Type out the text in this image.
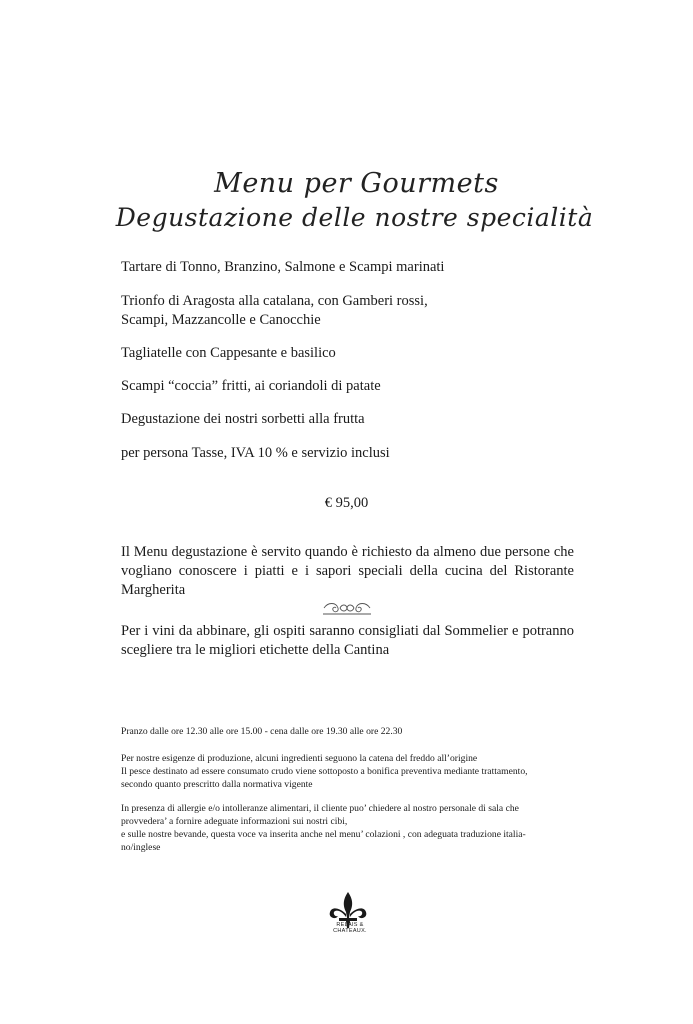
Menu per Gourmets
Degustazione delle nostre specialità
Tartare di Tonno, Branzino, Salmone e Scampi marinati
Trionfo di Aragosta alla catalana, con Gamberi rossi,
Scampi, Mazzancolle e Canocchie
Tagliatelle con Cappesante e basilico
Scampi “coccia” fritti, ai coriandoli di patate
Degustazione dei nostri sorbetti alla frutta
per persona Tasse, IVA 10 % e servizio inclusi
€ 95,00
Il Menu degustazione è servito quando è richiesto da almeno due persone che vogliano conoscere i piatti e i sapori speciali della cucina del Ristorante Margherita
Per i vini da abbinare, gli ospiti saranno consigliati dal Sommelier e potranno scegliere tra le migliori etichette della Cantina
Pranzo dalle ore 12.30 alle ore 15.00 - cena dalle ore 19.30 alle ore 22.30
Per nostre esigenze di produzione, alcuni ingredienti seguono la catena del freddo all’origine
Il pesce destinato ad essere consumato crudo viene sottoposto a bonifica preventiva mediante trattamento,
secondo quanto prescritto dalla normativa vigente
In presenza di allergie e/o intolleranze alimentari, il cliente puo’ chiedere al nostro personale di sala che
provvedera’ a fornire adeguate informazioni sui nostri cibi,
e sulle nostre bevande, questa voce va inserita anche nel menu’ colazioni , con adeguata traduzione italia-
no/inglese
RELAIS &
CHATEAUX.
